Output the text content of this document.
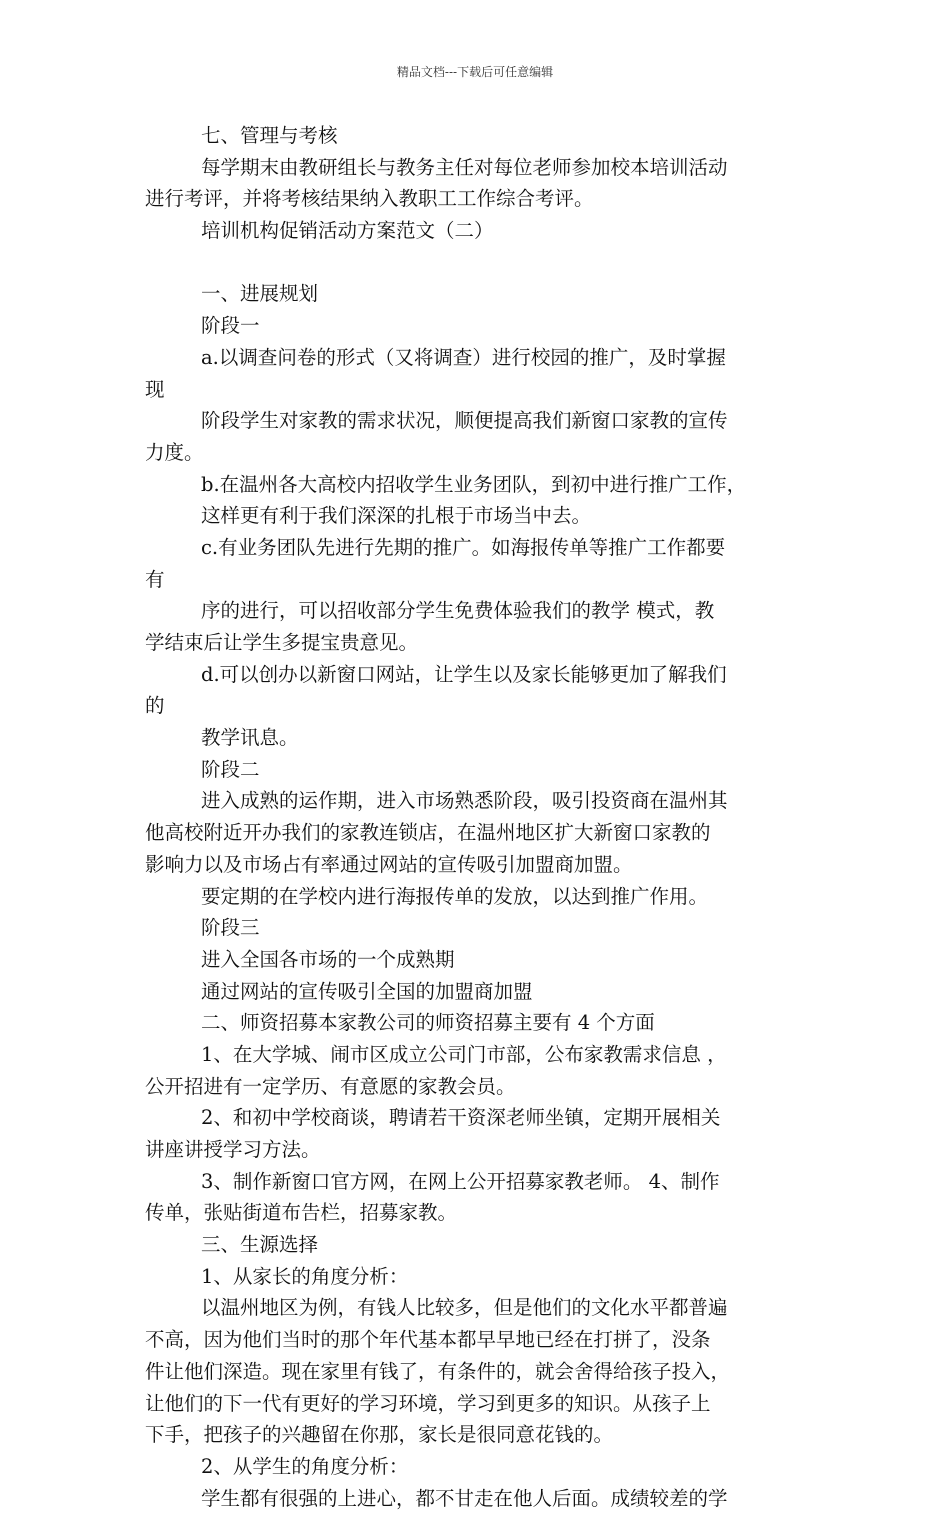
精品文档---下载后可任意编辑
七、管理与考核
每学期末由教研组长与教务主任对每位老师参加校本培训活动
进行考评，并将考核结果纳入教职工工作综合考评。
培训机构促销活动方案范文（二）
一、进展规划
阶段一
a.以调查问卷的形式（又将调查）进行校园的推广，及时掌握
现
阶段学生对家教的需求状况，顺便提高我们新窗口家教的宣传
力度。
b.在温州各大高校内招收学生业务团队，到初中进行推广工作，
这样更有利于我们深深的扎根于市场当中去。
c.有业务团队先进行先期的推广。如海报传单等推广工作都要
有
序的进行，可以招收部分学生免费体验我们的教学 模式，教
学结束后让学生多提宝贵意见。
d.可以创办以新窗口网站，让学生以及家长能够更加了解我们
的
教学讯息。
阶段二
进入成熟的运作期，进入市场熟悉阶段，吸引投资商在温州其
他高校附近开办我们的家教连锁店，在温州地区扩大新窗口家教的
影响力以及市场占有率通过网站的宣传吸引加盟商加盟。
要定期的在学校内进行海报传单的发放，以达到推广作用。
阶段三
进入全国各市场的一个成熟期
通过网站的宣传吸引全国的加盟商加盟
二、师资招募本家教公司的师资招募主要有 4 个方面
1、在大学城、闹市区成立公司门市部，公布家教需求信息 ，
公开招进有一定学历、有意愿的家教会员。
2、和初中学校商谈，聘请若干资深老师坐镇，定期开展相关
讲座讲授学习方法。
3、制作新窗口官方网，在网上公开招募家教老师。 4、制作
传单，张贴街道布告栏，招募家教。
三、生源选择
1、从家长的角度分析：
以温州地区为例，有钱人比较多，但是他们的文化水平都普遍
不高，因为他们当时的那个年代基本都早早地已经在打拼了，没条
件让他们深造。现在家里有钱了，有条件的，就会舍得给孩子投入，
让他们的下一代有更好的学习环境，学习到更多的知识。从孩子上
下手，把孩子的兴趣留在你那，家长是很同意花钱的。
2、从学生的角度分析：
学生都有很强的上进心，都不甘走在他人后面。成绩较差的学
